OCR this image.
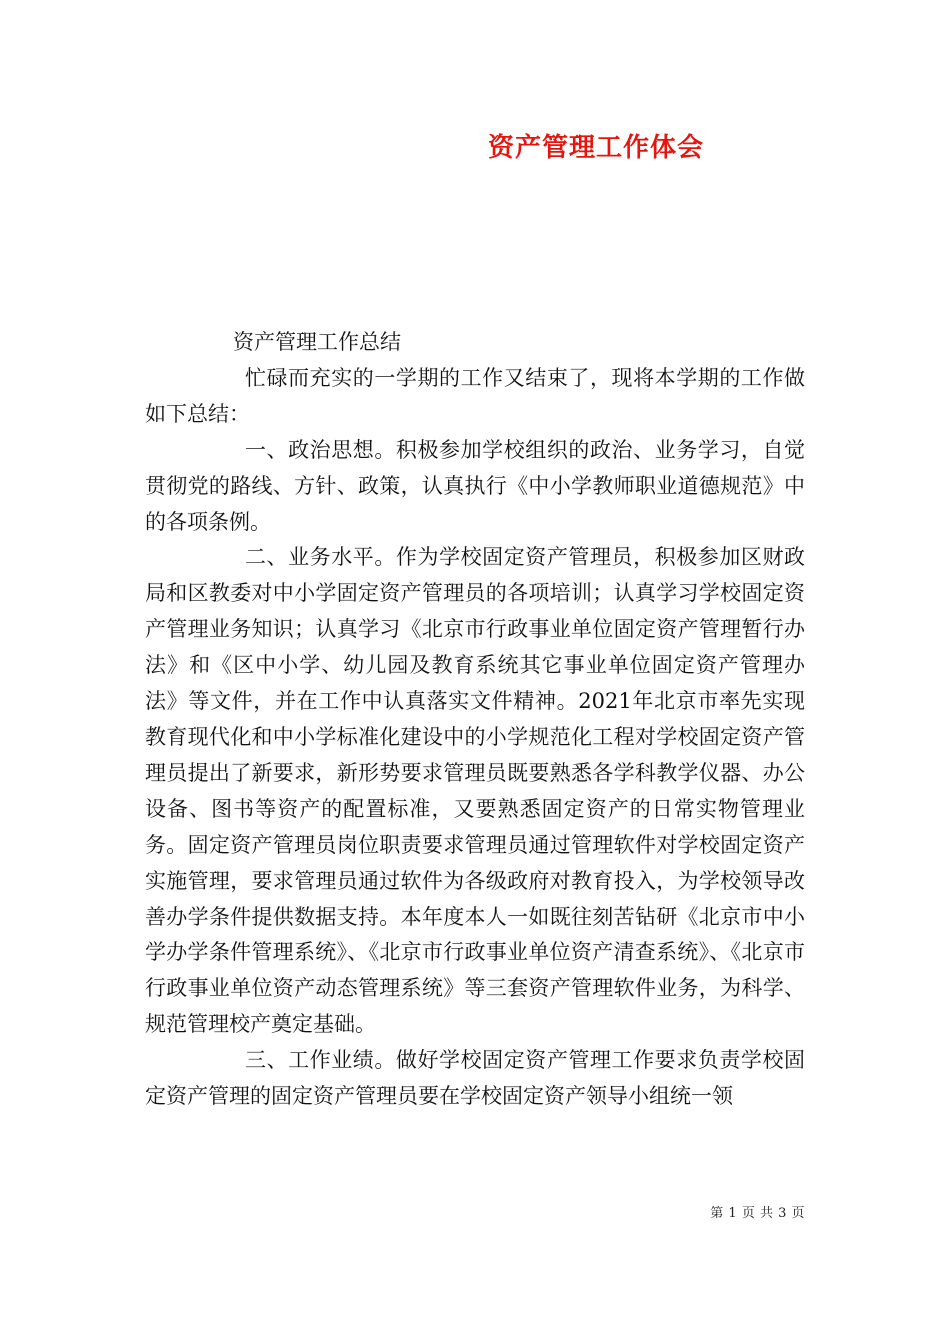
资产管理工作体会

资产管理工作总结

忙碌而充实的一学期的工作又结束了，现将本学期的工作做如下总结：

一、政治思想。积极参加学校组织的政治、业务学习，自觉贯彻党的路线、方针、政策，认真执行《中小学教师职业道德规范》中的各项条例。

二、业务水平。作为学校固定资产管理员，积极参加区财政局和区教委对中小学固定资产管理员的各项培训；认真学习学校固定资产管理业务知识；认真学习《北京市行政事业单位固定资产管理暂行办法》和《区中小学、幼儿园及教育系统其它事业单位固定资产管理办法》等文件，并在工作中认真落实文件精神。2021年北京市率先实现教育现代化和中小学标准化建设中的小学规范化工程对学校固定资产管理员提出了新要求，新形势要求管理员既要熟悉各学科教学仪器、办公设备、图书等资产的配置标准，又要熟悉固定资产的日常实物管理业务。固定资产管理员岗位职责要求管理员通过管理软件对学校固定资产实施管理，要求管理员通过软件为各级政府对教育投入，为学校领导改善办学条件提供数据支持。本年度本人一如既往刻苦钻研《北京市中小学办学条件管理系统》、《北京市行政事业单位资产清查系统》、《北京市行政事业单位资产动态管理系统》等三套资产管理软件业务，为科学、规范管理校产奠定基础。

三、工作业绩。做好学校固定资产管理工作要求负责学校固定资产管理的固定资产管理员要在学校固定资产领导小组统一领

第 1 页 共 3 页
